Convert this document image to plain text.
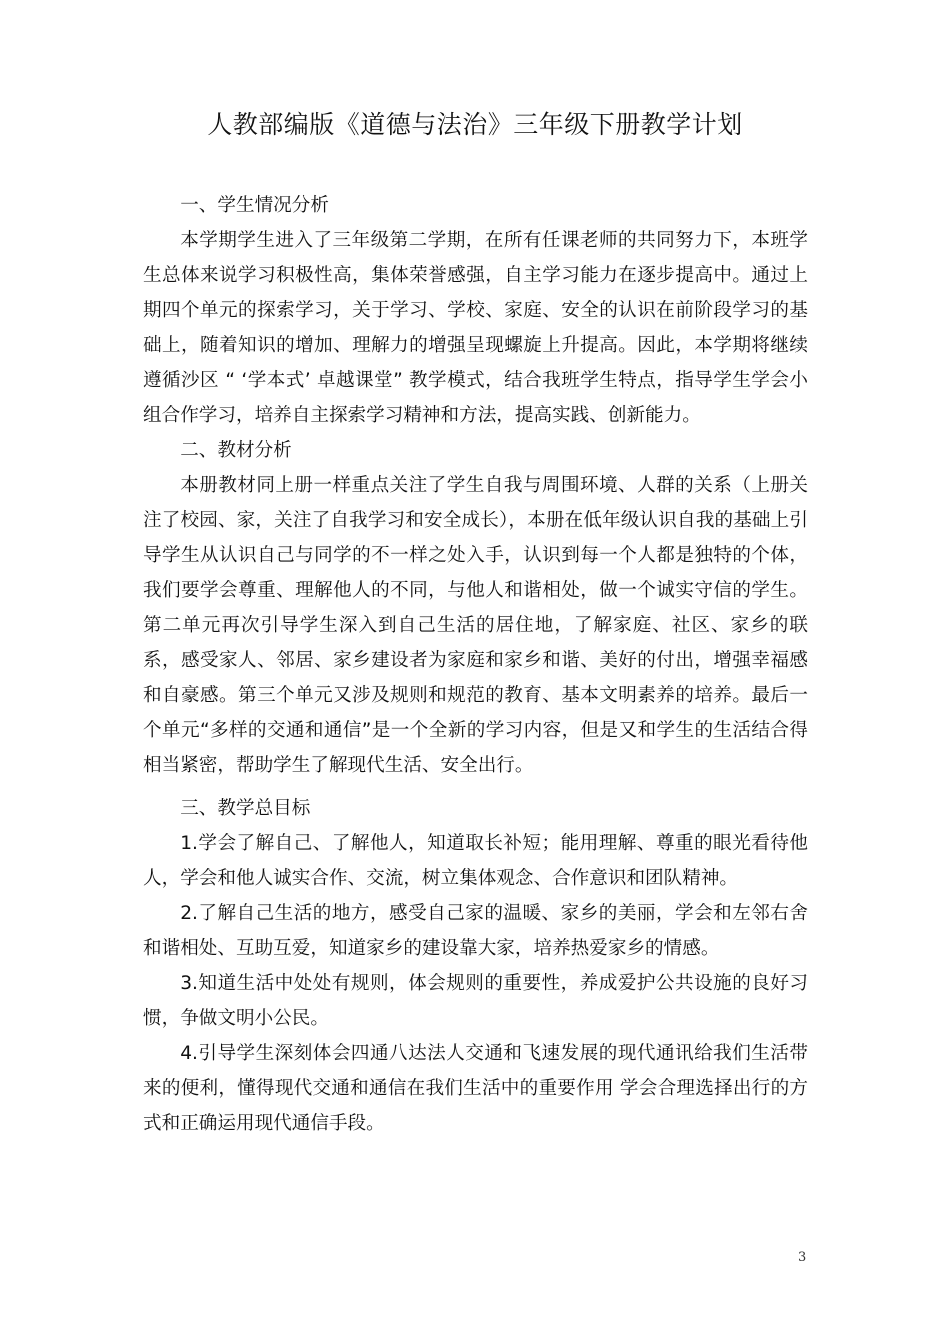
人教部编版《道德与法治》三年级下册教学计划
一、学生情况分析

本学期学生进入了三年级第二学期，在所有任课老师的共同努力下，本班学生总体来说学习积极性高，集体荣誉感强，自主学习能力在逐步提高中。通过上期四个单元的探索学习，关于学习、学校、家庭、安全的认识在前阶段学习的基础上，随着知识的增加、理解力的增强呈现螺旋上升提高。因此，本学期将继续遵循沙区 “ ‘学本式’ 卓越课堂” 教学模式，结合我班学生特点，指导学生学会小组合作学习，培养自主探索学习精神和方法，提高实践、创新能力。

二、教材分析

本册教材同上册一样重点关注了学生自我与周围环境、人群的关系（上册关注了校园、家，关注了自我学习和安全成长），本册在低年级认识自我的基础上引导学生从认识自己与同学的不一样之处入手，认识到每一个人都是独特的个体，我们要学会尊重、理解他人的不同，与他人和谐相处，做一个诚实守信的学生。第二单元再次引导学生深入到自己生活的居住地，了解家庭、社区、家乡的联系，感受家人、邻居、家乡建设者为家庭和家乡和谐、美好的付出，增强幸福感和自豪感。第三个单元又涉及规则和规范的教育、基本文明素养的培养。最后一个单元“多样的交通和通信”是一个全新的学习内容，但是又和学生的生活结合得相当紧密，帮助学生了解现代生活、安全出行。

三、教学总目标

1.学会了解自己、了解他人，知道取长补短；能用理解、尊重的眼光看待他人，学会和他人诚实合作、交流，树立集体观念、合作意识和团队精神。

2.了解自己生活的地方，感受自己家的温暖、家乡的美丽，学会和左邻右舍和谐相处、互助互爱，知道家乡的建设靠大家，培养热爱家乡的情感。

3.知道生活中处处有规则，体会规则的重要性，养成爱护公共设施的良好习惯，争做文明小公民。

4.引导学生深刻体会四通八达法人交通和飞速发展的现代通讯给我们生活带来的便利，懂得现代交通和通信在我们生活中的重要作用 学会合理选择出行的方式和正确运用现代通信手段。

3
